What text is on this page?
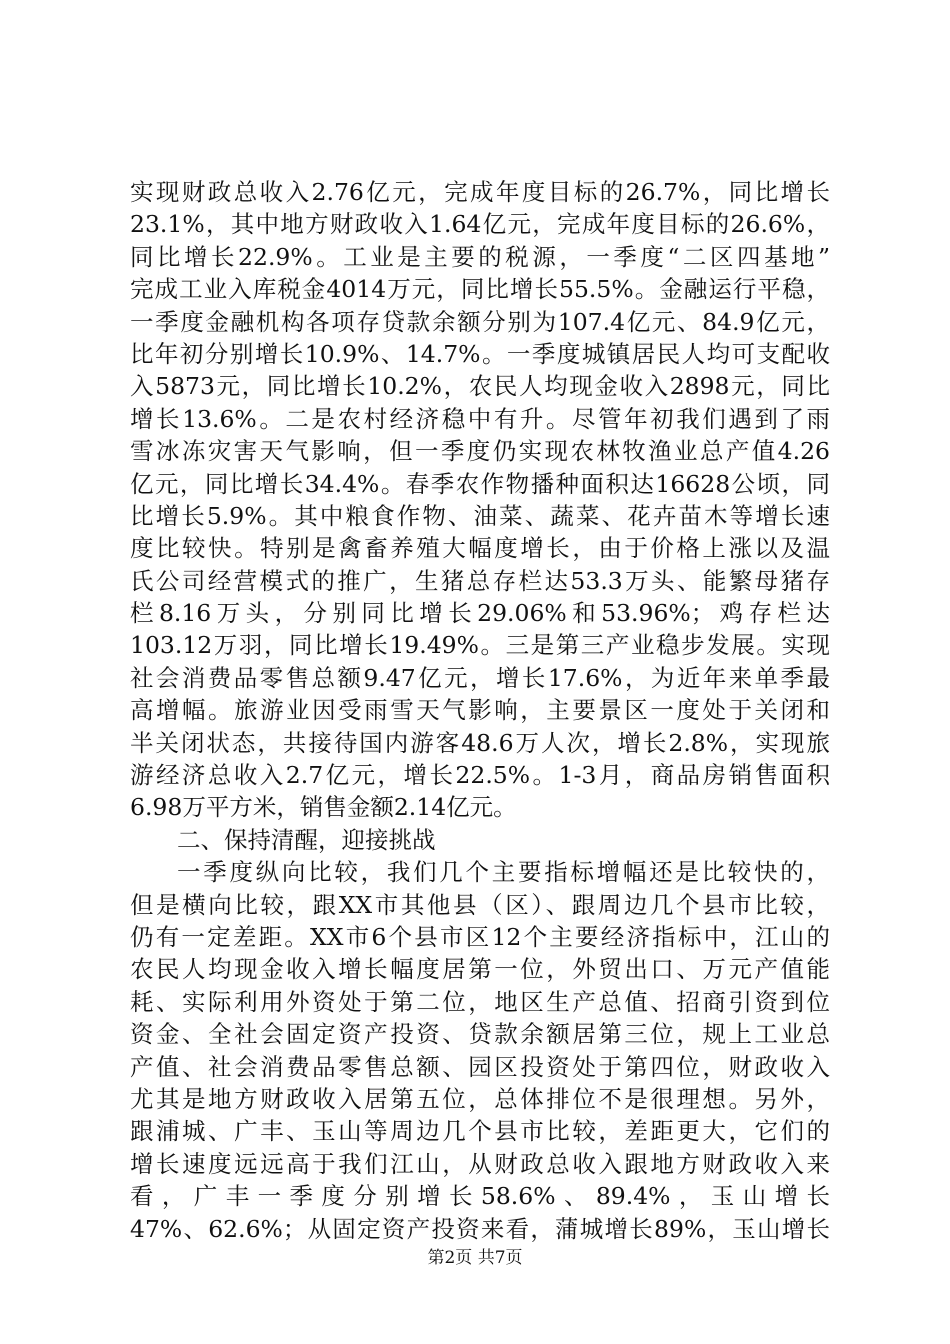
实现财政总收入2.76亿元，完成年度目标的26.7%，同比增长
23.1%，其中地方财政收入1.64亿元，完成年度目标的26.6%，
同比增长22.9%。工业是主要的税源，一季度“二区四基地”
完成工业入库税金4014万元，同比增长55.5%。金融运行平稳，
一季度金融机构各项存贷款余额分别为107.4亿元、84.9亿元，
比年初分别增长10.9%、14.7%。一季度城镇居民人均可支配收
入5873元，同比增长10.2%，农民人均现金收入2898元，同比
增长13.6%。二是农村经济稳中有升。尽管年初我们遇到了雨
雪冰冻灾害天气影响，但一季度仍实现农林牧渔业总产值4.26
亿元，同比增长34.4%。春季农作物播种面积达16628公顷，同
比增长5.9%。其中粮食作物、油菜、蔬菜、花卉苗木等增长速
度比较快。特别是禽畜养殖大幅度增长，由于价格上涨以及温
氏公司经营模式的推广，生猪总存栏达53.3万头、能繁母猪存
栏8.16万头，分别同比增长29.06%和53.96%；鸡存栏达
103.12万羽，同比增长19.49%。三是第三产业稳步发展。实现
社会消费品零售总额9.47亿元，增长17.6%，为近年来单季最
高增幅。旅游业因受雨雪天气影响，主要景区一度处于关闭和
半关闭状态，共接待国内游客48.6万人次，增长2.8%，实现旅
游经济总收入2.7亿元，增长22.5%。1-3月，商品房销售面积
6.98万平方米，销售金额2.14亿元。
二、保持清醒，迎接挑战
一季度纵向比较，我们几个主要指标增幅还是比较快的，
但是横向比较，跟XX市其他县（区）、跟周边几个县市比较，
仍有一定差距。XX市6个县市区12个主要经济指标中，江山的
农民人均现金收入增长幅度居第一位，外贸出口、万元产值能
耗、实际利用外资处于第二位，地区生产总值、招商引资到位
资金、全社会固定资产投资、贷款余额居第三位，规上工业总
产值、社会消费品零售总额、园区投资处于第四位，财政收入
尤其是地方财政收入居第五位，总体排位不是很理想。另外，
跟浦城、广丰、玉山等周边几个县市比较，差距更大，它们的
增长速度远远高于我们江山，从财政总收入跟地方财政收入来
看，广丰一季度分别增长58.6%、89.4%，玉山增长
47%、62.6%；从固定资产投资来看，蒲城增长89%，玉山增长
第2页 共7页
